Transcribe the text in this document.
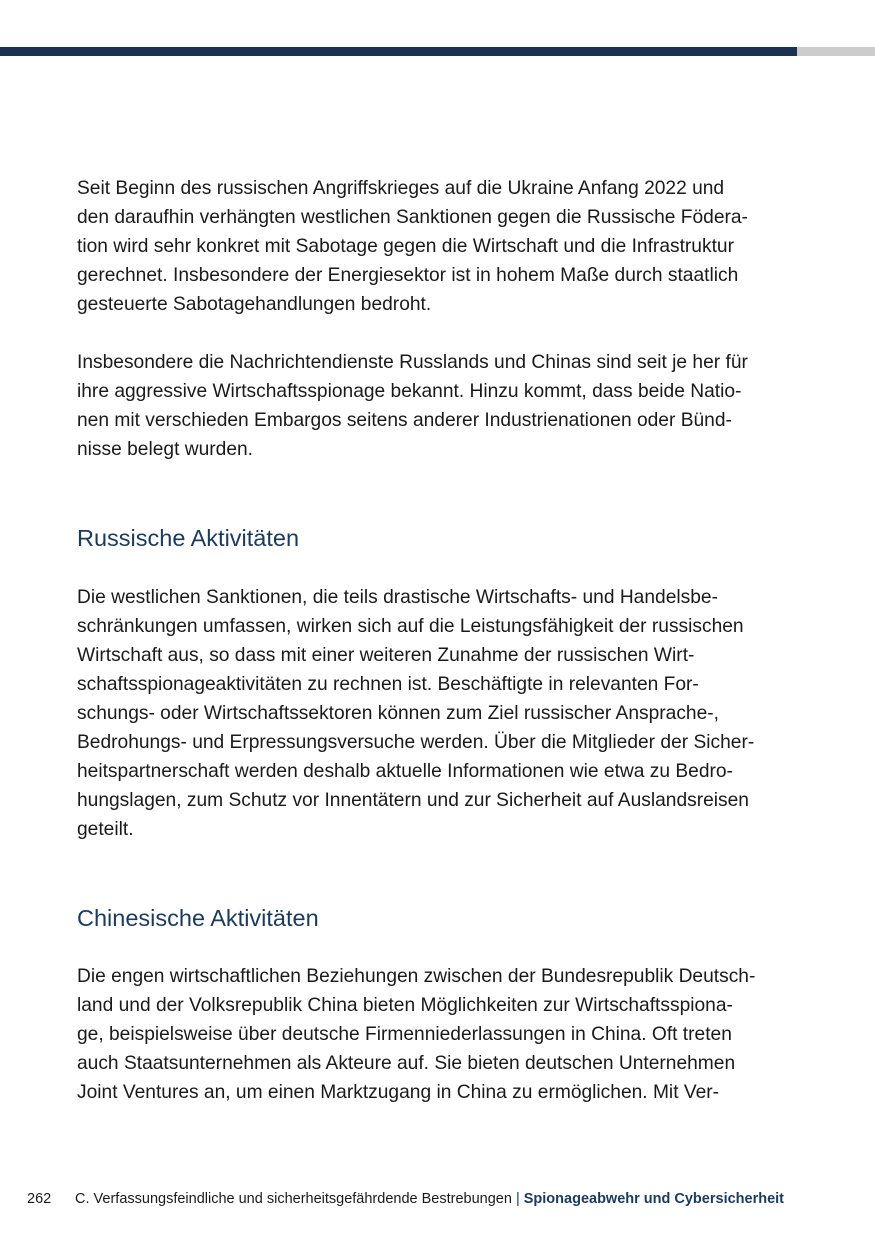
Seit Beginn des russischen Angriffskrieges auf die Ukraine Anfang 2022 und
den daraufhin verhängten westlichen Sanktionen gegen die Russische Födera-
tion wird sehr konkret mit Sabotage gegen die Wirtschaft und die Infrastruktur
gerechnet. Insbesondere der Energiesektor ist in hohem Maße durch staatlich
gesteuerte Sabotagehandlungen bedroht.

Insbesondere die Nachrichtendienste Russlands und Chinas sind seit je her für
ihre aggressive Wirtschaftsspionage bekannt. Hinzu kommt, dass beide Natio-
nen mit verschieden Embargos seitens anderer Industrienationen oder Bünd-
nisse belegt wurden.

Russische Aktivitäten

Die westlichen Sanktionen, die teils drastische Wirtschafts- und Handelsbe-
schränkungen umfassen, wirken sich auf die Leistungsfähigkeit der russischen
Wirtschaft aus, so dass mit einer weiteren Zunahme der russischen Wirt-
schaftsspionageaktivitäten zu rechnen ist. Beschäftigte in relevanten For-
schungs- oder Wirtschaftssektoren können zum Ziel russischer Ansprache-,
Bedrohungs- und Erpressungsversuche werden. Über die Mitglieder der Sicher-
heitspartnerschaft werden deshalb aktuelle Informationen wie etwa zu Bedro-
hungslagen, zum Schutz vor Innentätern und zur Sicherheit auf Auslandsreisen
geteilt.

Chinesische Aktivitäten

Die engen wirtschaftlichen Beziehungen zwischen der Bundesrepublik Deutsch-
land und der Volksrepublik China bieten Möglichkeiten zur Wirtschaftsspiona-
ge, beispielsweise über deutsche Firmenniederlassungen in China. Oft treten
auch Staatsunternehmen als Akteure auf. Sie bieten deutschen Unternehmen
Joint Ventures an, um einen Marktzugang in China zu ermöglichen. Mit Ver-

262 C. Verfassungsfeindliche und sicherheitsgefährdende Bestrebungen | Spionageabwehr und Cybersicherheit
